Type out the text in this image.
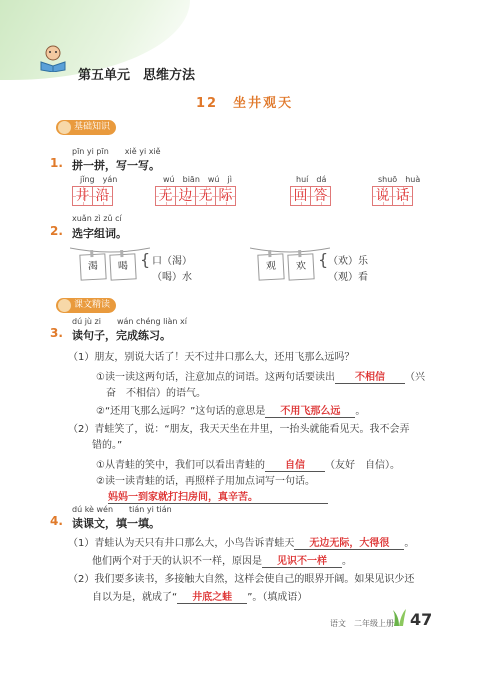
第五单元　思维方法
12　坐井观天
基础知识
pīn yi pīn　　xiě yi xiě
1. 拼一拼，写一写。
jǐng　yán
井 沿
wú　biān　wú　jì
无 边 无 际
huí　dá
回 答
shuō　huà
说 话
xuǎn zì zǔ cí
2. 选字组词。
渴	喝 { 口（渴）
（喝）水
观	欢 { （欢）乐
（观）看
课文精读
dú jù zi　　wán chéng liàn xí
3. 读句子，完成练习。
（1）朋友，别说大话了！天不过井口那么大，还用飞那么远吗？
①读一读这两句话，注意加点的词语。这两句话要读出 不相信 （兴
奋　不相信）的语气。
②“还用飞那么远吗？”这句话的意思是 不用飞那么远 。
（2）青蛙笑了，说：“朋友，我天天坐在井里，一抬头就能看见天。我不会弄
错的。”
①从青蛙的笑中，我们可以看出青蛙的 自信 （友好　自信）。
②读一读青蛙的话，再照样子用加点词写一句话。
妈妈一到家就打扫房间，真辛苦。
dú kè wén　　tián yi tián
4. 读课文，填一填。
（1）青蛙认为天只有井口那么大，小鸟告诉青蛙天 无边无际，大得很 。
他们两个对于天的认识不一样，原因是 见识不一样 。
（2）我们要多读书，多接触大自然，这样会使自己的眼界开阔。如果见识少还
自以为是，就成了“ 井底之蛙 ”。（填成语）
语文　二年级上册 47
